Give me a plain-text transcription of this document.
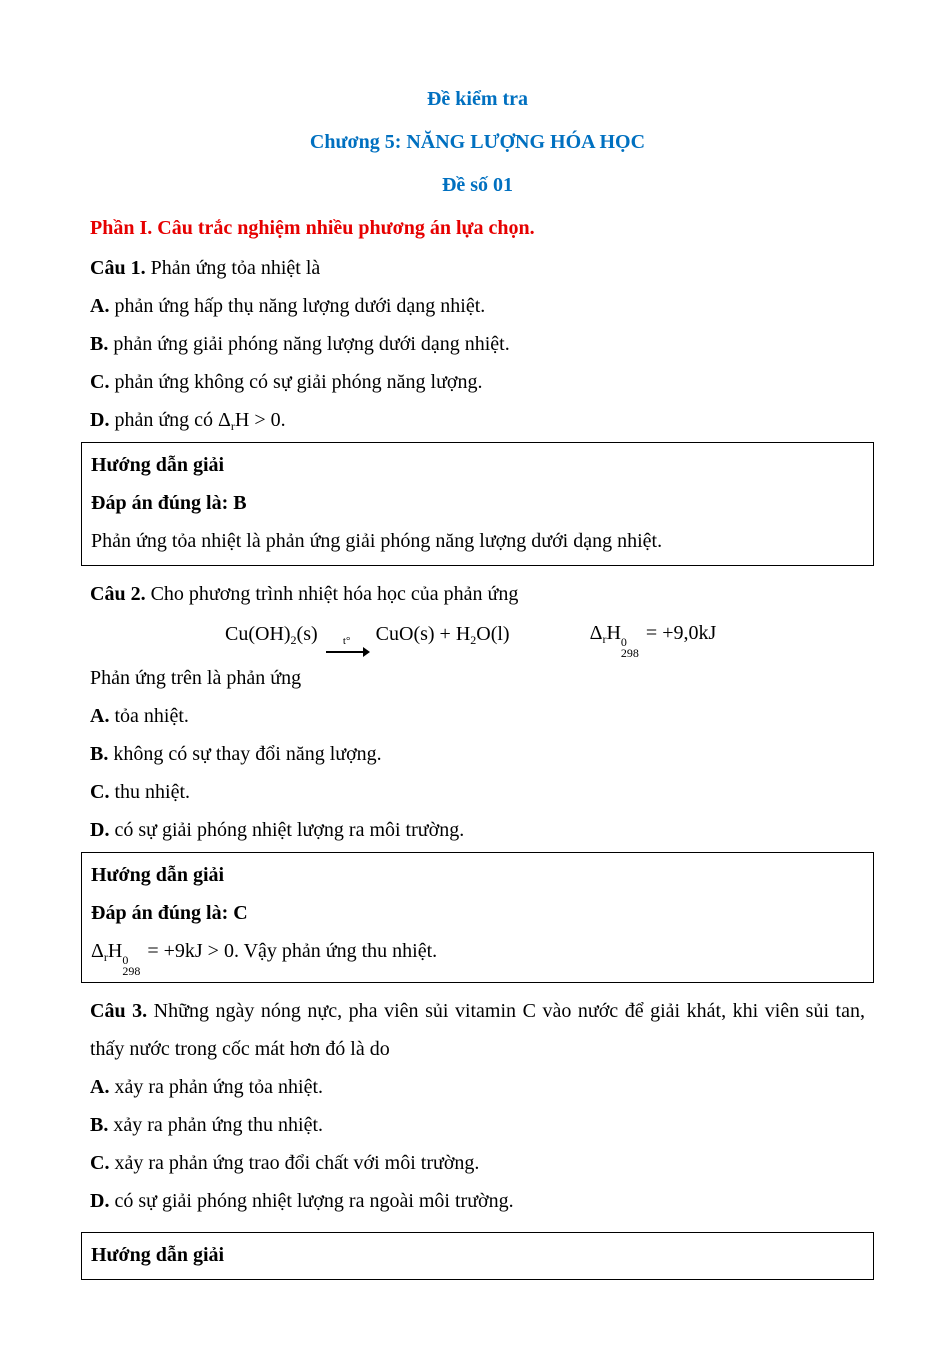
Đề kiểm tra

Chương 5: NĂNG LƯỢNG HÓA HỌC

Đề số 01

Phần I. Câu trắc nghiệm nhiều phương án lựa chọn.

Câu 1. Phản ứng tỏa nhiệt là

A. phản ứng hấp thụ năng lượng dưới dạng nhiệt.

B. phản ứng giải phóng năng lượng dưới dạng nhiệt.

C. phản ứng không có sự giải phóng năng lượng.

D. phản ứng có $\Delta_rH > 0$.

Hướng dẫn giải

Đáp án đúng là: B

Phản ứng tỏa nhiệt là phản ứng giải phóng năng lượng dưới dạng nhiệt.

Câu 2. Cho phương trình nhiệt hóa học của phản ứng

$Cu(OH)_2(s)$ t° $CuO(s) + H_2O(l)$	$\Delta_rH$ 0
298
= +9,0kJ

Phản ứng trên là phản ứng

A. tỏa nhiệt.

B. không có sự thay đổi năng lượng.

C. thu nhiệt.

D. có sự giải phóng nhiệt lượng ra môi trường.

Hướng dẫn giải

Đáp án đúng là: C

$\Delta_rH$ 0
298
= +9kJ > 0. Vậy phản ứng thu nhiệt.

Câu 3. Những ngày nóng nực, pha viên sủi vitamin C vào nước để giải khát, khi viên sủi tan, thấy nước trong cốc mát hơn đó là do

A. xảy ra phản ứng tỏa nhiệt.

B. xảy ra phản ứng thu nhiệt.

C. xảy ra phản ứng trao đổi chất với môi trường.

D. có sự giải phóng nhiệt lượng ra ngoài môi trường.

Hướng dẫn giải
